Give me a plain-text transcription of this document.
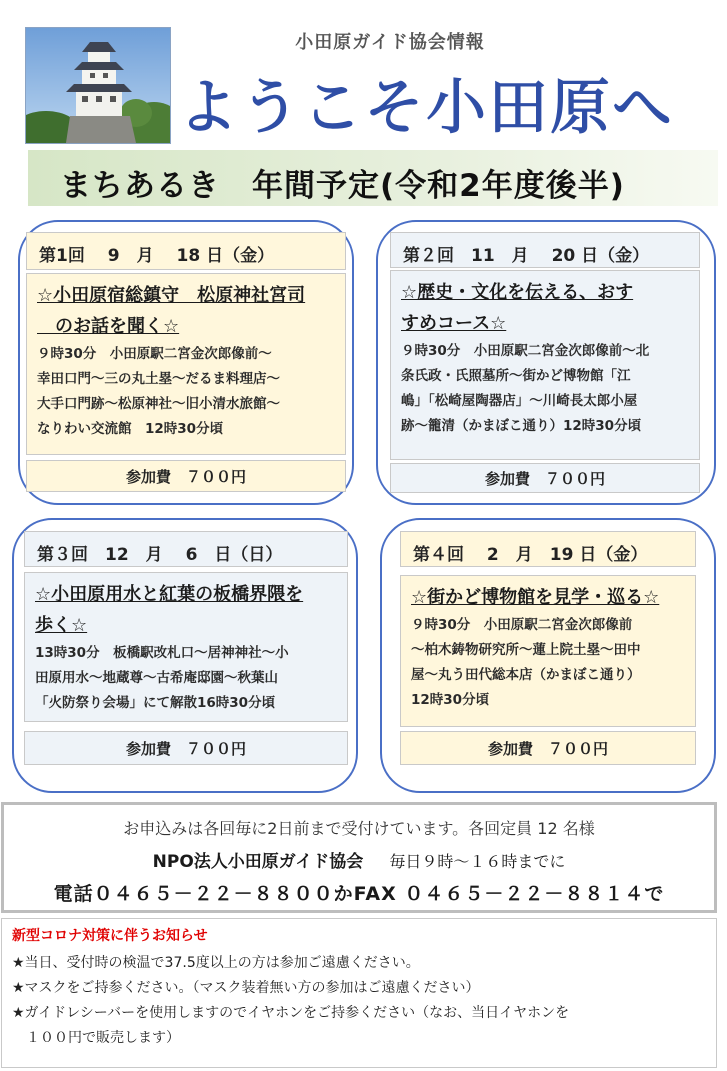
小田原ガイド協会情報
ようこそ小田原へ
まちあるき　年間予定(令和2年度後半)
第1回　 9　月　 18 日（金）

☆小田原宿総鎮守　松原神社宮司

　のお話を聞く☆

９時30分　小田原駅二宮金次郎像前～

幸田口門～三の丸土塁～だるま料理店～

大手口門跡～松原神社～旧小清水旅館～

なりわい交流館　12時30分頃

参加費　７００円
第２回　11　月　 20 日（金）

☆歴史・文化を伝える、おす

すめコース☆

９時30分　小田原駅二宮金次郎像前～北

条氏政・氏照墓所～街かど博物館「江

嶋」「松崎屋陶器店」～川崎長太郎小屋

跡～籠清（かまぼこ通り）12時30分頃

参加費　７００円
第３回　12　月　 6　日（日）

☆小田原用水と紅葉の板橋界隈を

歩く☆

13時30分　板橋駅改札口～居神神社～小

田原用水～地蔵尊～古希庵邸園～秋葉山

「火防祭り会場」にて解散16時30分頃

参加費　７００円
第４回　 2　月　19 日（金）

☆街かど博物館を見学・巡る☆

９時30分　小田原駅二宮金次郎像前

～柏木鋳物研究所～蓮上院土塁～田中

屋～丸う田代総本店（かまぼこ通り）

12時30分頃

参加費　７００円

お申込みは各回毎に2日前まで受付けています。各回定員 12 名様

NPO法人小田原ガイド協会 毎日９時～１６時までに

電話０４６５－２２－８８００かFAX ０４６５－２２－８８１４で

新型コロナ対策に伴うお知らせ

★当日、受付時の検温で37.5度以上の方は参加ご遠慮ください。

★マスクをご持参ください。（マスク装着無い方の参加はご遠慮ください）

★ガイドレシーバーを使用しますのでイヤホンをご持参ください（なお、当日イヤホンを

　１００円で販売します）
